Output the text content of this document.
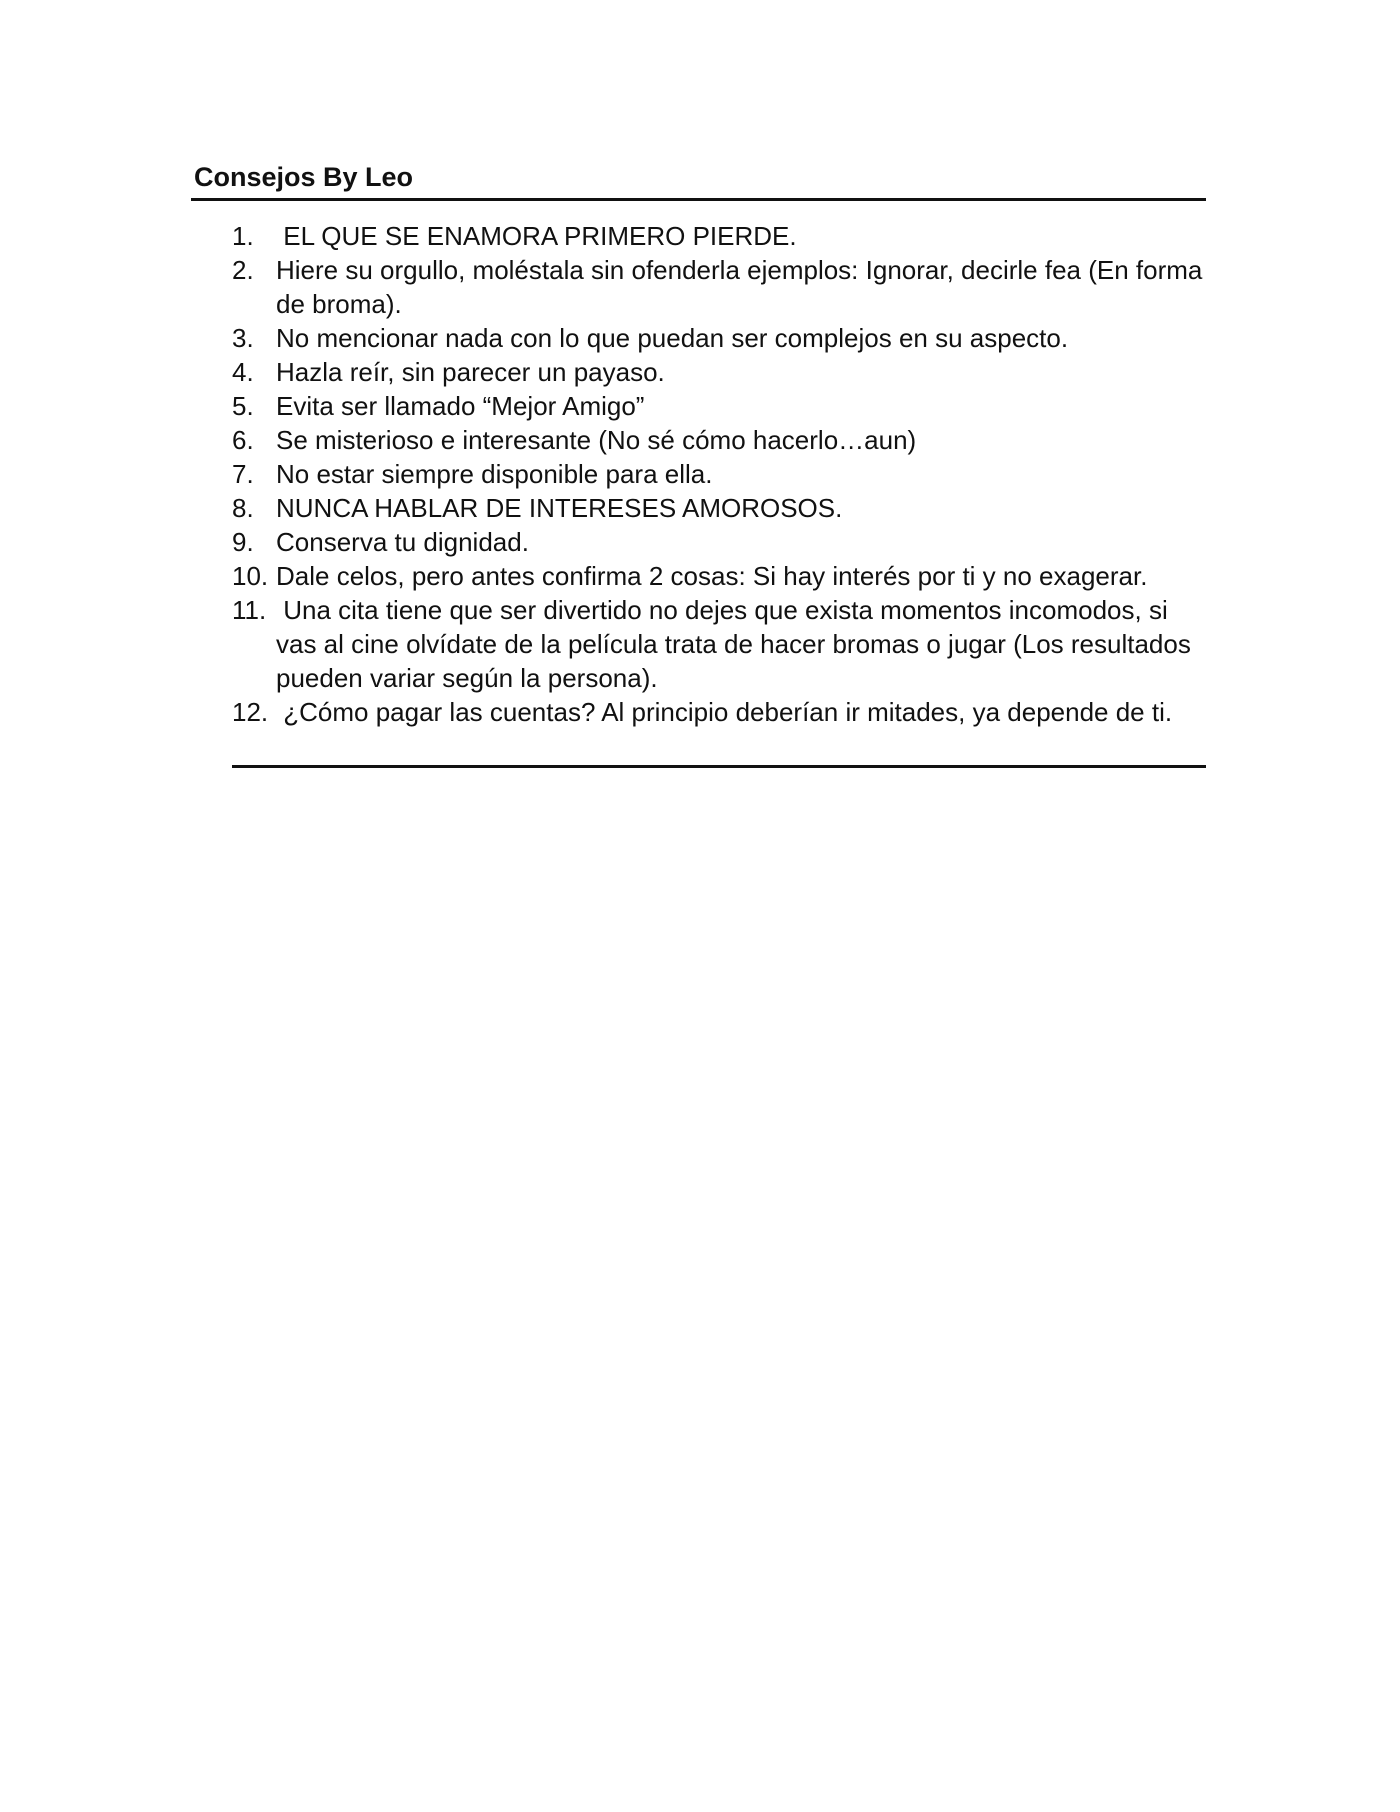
Consejos By Leo
1. EL QUE SE ENAMORA PRIMERO PIERDE.
2. Hiere su orgullo, moléstala sin ofenderla ejemplos: Ignorar, decirle fea (En forma de broma).
3. No mencionar nada con lo que puedan ser complejos en su aspecto.
4. Hazla reír, sin parecer un payaso.
5. Evita ser llamado “Mejor Amigo”
6. Se misterioso e interesante (No sé cómo hacerlo…aun)
7. No estar siempre disponible para ella.
8. NUNCA HABLAR DE INTERESES AMOROSOS.
9. Conserva tu dignidad.
10. Dale celos, pero antes confirma 2 cosas: Si hay interés por ti y no exagerar.
11. Una cita tiene que ser divertido no dejes que exista momentos incomodos, si vas al cine olvídate de la película trata de hacer bromas o jugar (Los resultados pueden variar según la persona).
12. ¿Cómo pagar las cuentas? Al principio deberían ir mitades, ya depende de ti.
